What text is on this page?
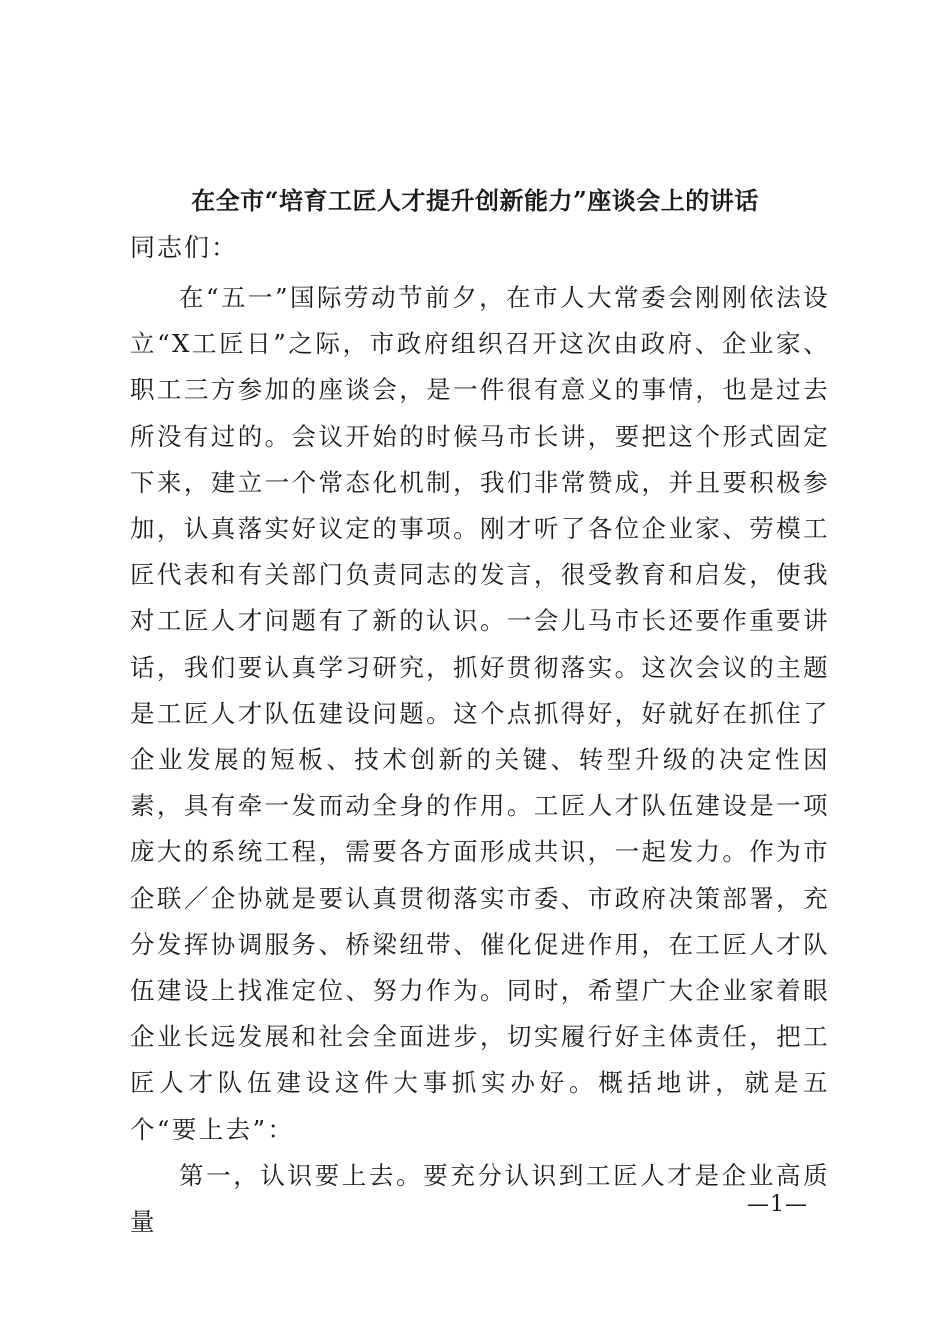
在全市“培育工匠人才提升创新能力”座谈会上的讲话
同志们：

在“五一”国际劳动节前夕，在市人大常委会刚刚依法设立“X工匠日”之际，市政府组织召开这次由政府、企业家、职工三方参加的座谈会，是一件很有意义的事情，也是过去所没有过的。会议开始的时候马市长讲，要把这个形式固定下来，建立一个常态化机制，我们非常赞成，并且要积极参加，认真落实好议定的事项。刚才听了各位企业家、劳模工匠代表和有关部门负责同志的发言，很受教育和启发，使我对工匠人才问题有了新的认识。一会儿马市长还要作重要讲话，我们要认真学习研究，抓好贯彻落实。这次会议的主题是工匠人才队伍建设问题。这个点抓得好，好就好在抓住了企业发展的短板、技术创新的关键、转型升级的决定性因素，具有牵一发而动全身的作用。工匠人才队伍建设是一项庞大的系统工程，需要各方面形成共识，一起发力。作为市企联／企协就是要认真贯彻落实市委、市政府决策部署，充分发挥协调服务、桥梁纽带、催化促进作用，在工匠人才队伍建设上找准定位、努力作为。同时，希望广大企业家着眼企业长远发展和社会全面进步，切实履行好主体责任，把工匠人才队伍建设这件大事抓实办好。概括地讲，就是五个“要上去”：

第一，认识要上去。要充分认识到工匠人才是企业高质量

—1—
